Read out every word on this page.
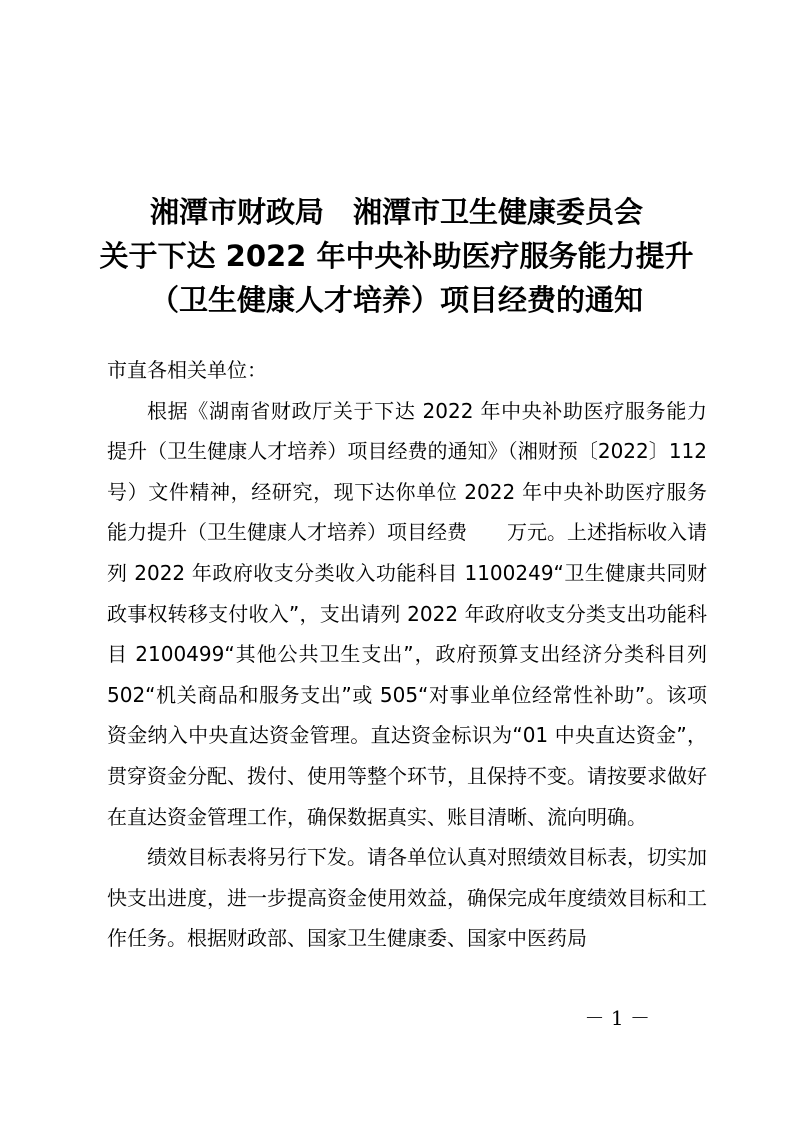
湘潭市财政局　湘潭市卫生健康委员会
关于下达 2022 年中央补助医疗服务能力提升
（卫生健康人才培养）项目经费的通知

市直各相关单位：

根据《湖南省财政厅关于下达 2022 年中央补助医疗服务能力提升（卫生健康人才培养）项目经费的通知》（湘财预〔2022〕112 号）文件精神，经研究，现下达你单位 2022 年中央补助医疗服务能力提升（卫生健康人才培养）项目经费　　万元。上述指标收入请列 2022 年政府收支分类收入功能科目 1100249“卫生健康共同财政事权转移支付收入”，支出请列 2022 年政府收支分类支出功能科目 2100499“其他公共卫生支出”，政府预算支出经济分类科目列 502“机关商品和服务支出”或 505“对事业单位经常性补助”。该项资金纳入中央直达资金管理。直达资金标识为“01 中央直达资金”，贯穿资金分配、拨付、使用等整个环节，且保持不变。请按要求做好在直达资金管理工作，确保数据真实、账目清晰、流向明确。

绩效目标表将另行下发。请各单位认真对照绩效目标表，切实加快支出进度，进一步提高资金使用效益，确保完成年度绩效目标和工作任务。根据财政部、国家卫生健康委、国家中医药局

－ 1 －
